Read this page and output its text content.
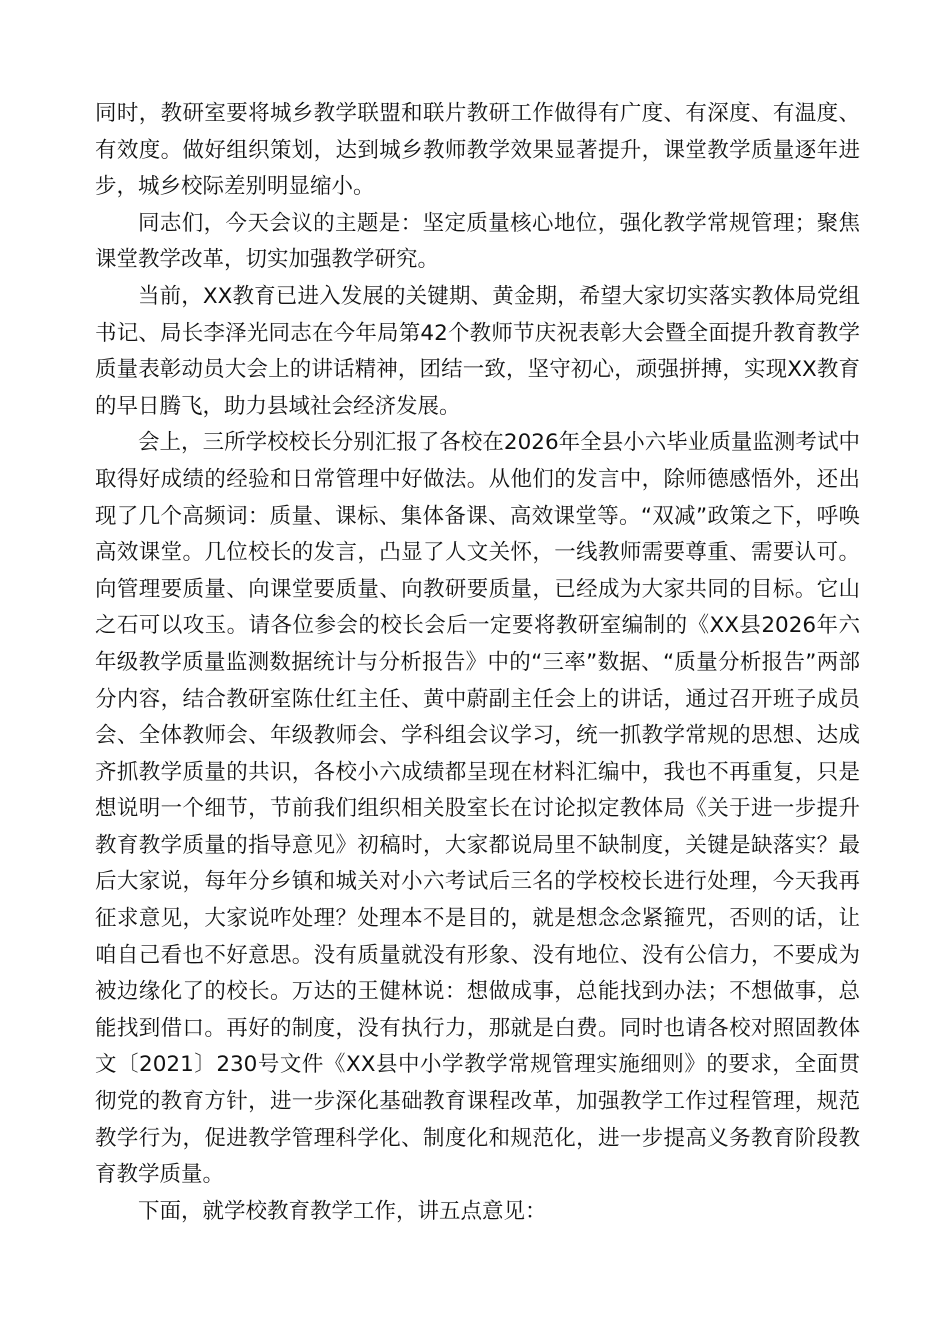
同时，教研室要将城乡教学联盟和联片教研工作做得有广度、有深度、有温度、有效度。做好组织策划，达到城乡教师教学效果显著提升，课堂教学质量逐年进步，城乡校际差别明显缩小。

同志们，今天会议的主题是：坚定质量核心地位，强化教学常规管理；聚焦课堂教学改革，切实加强教学研究。

当前，XX教育已进入发展的关键期、黄金期，希望大家切实落实教体局党组书记、局长李泽光同志在今年局第42个教师节庆祝表彰大会暨全面提升教育教学质量表彰动员大会上的讲话精神，团结一致，坚守初心，顽强拼搏，实现XX教育的早日腾飞，助力县域社会经济发展。

会上，三所学校校长分别汇报了各校在2026年全县小六毕业质量监测考试中取得好成绩的经验和日常管理中好做法。从他们的发言中，除师德感悟外，还出现了几个高频词：质量、课标、集体备课、高效课堂等。“双减”政策之下，呼唤高效课堂。几位校长的发言，凸显了人文关怀，一线教师需要尊重、需要认可。向管理要质量、向课堂要质量、向教研要质量，已经成为大家共同的目标。它山之石可以攻玉。请各位参会的校长会后一定要将教研室编制的《XX县2026年六年级教学质量监测数据统计与分析报告》中的“三率”数据、“质量分析报告”两部分内容，结合教研室陈仕红主任、黄中蔚副主任会上的讲话，通过召开班子成员会、全体教师会、年级教师会、学科组会议学习，统一抓教学常规的思想、达成齐抓教学质量的共识，各校小六成绩都呈现在材料汇编中，我也不再重复，只是想说明一个细节，节前我们组织相关股室长在讨论拟定教体局《关于进一步提升教育教学质量的指导意见》初稿时，大家都说局里不缺制度，关键是缺落实？最后大家说，每年分乡镇和城关对小六考试后三名的学校校长进行处理，今天我再征求意见，大家说咋处理？处理本不是目的，就是想念念紧箍咒，否则的话，让咱自己看也不好意思。没有质量就没有形象、没有地位、没有公信力，不要成为被边缘化了的校长。万达的王健林说：想做成事，总能找到办法；不想做事，总能找到借口。再好的制度，没有执行力，那就是白费。同时也请各校对照固教体文〔2021〕230号文件《XX县中小学教学常规管理实施细则》的要求，全面贯彻党的教育方针，进一步深化基础教育课程改革，加强教学工作过程管理，规范教学行为，促进教学管理科学化、制度化和规范化，进一步提高义务教育阶段教育教学质量。

下面，就学校教育教学工作，讲五点意见：
